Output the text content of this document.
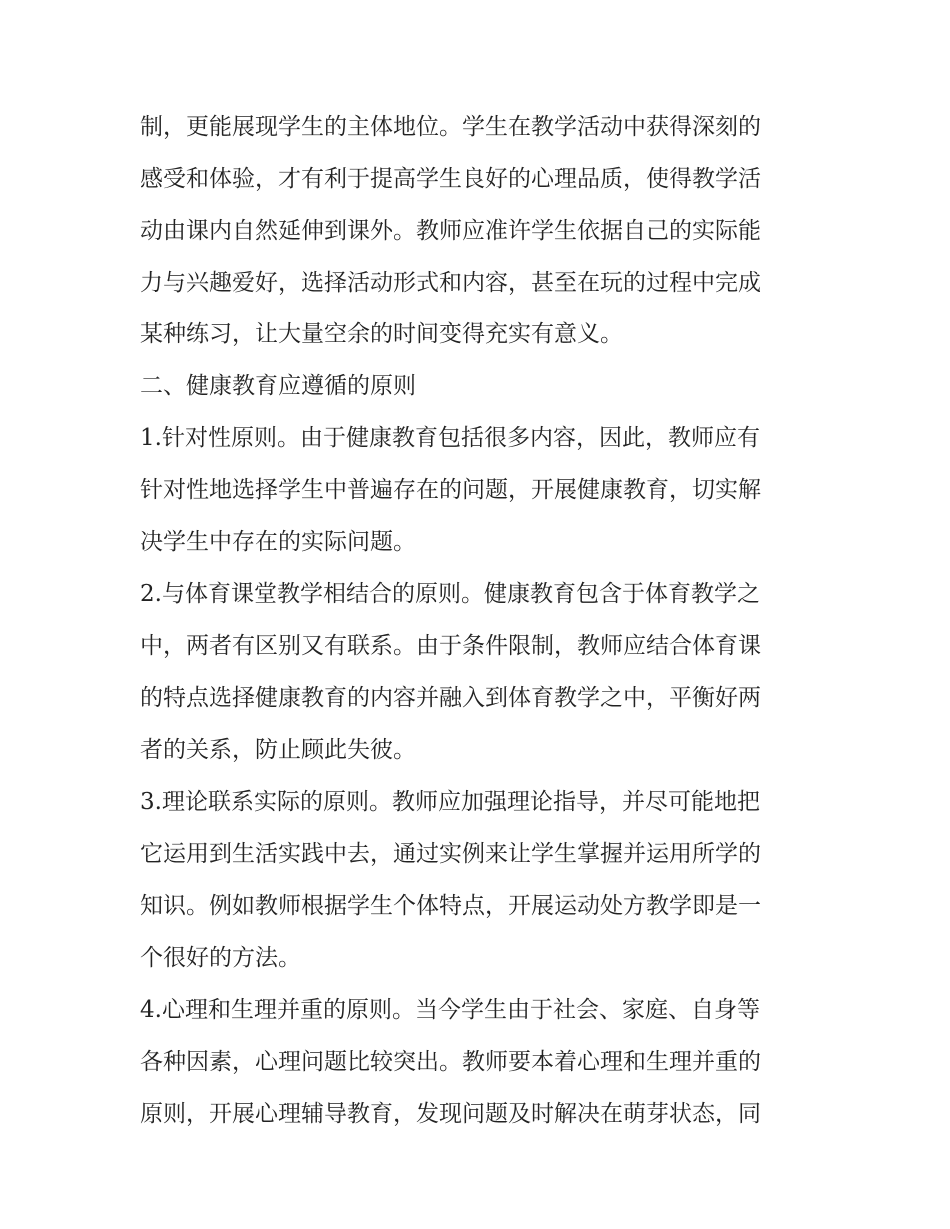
制，更能展现学生的主体地位。学生在教学活动中获得深刻的
感受和体验，才有利于提高学生良好的心理品质，使得教学活
动由课内自然延伸到课外。教师应准许学生依据自己的实际能
力与兴趣爱好，选择活动形式和内容，甚至在玩的过程中完成
某种练习，让大量空余的时间变得充实有意义。
二、健康教育应遵循的原则
1.针对性原则。由于健康教育包括很多内容，因此，教师应有
针对性地选择学生中普遍存在的问题，开展健康教育，切实解
决学生中存在的实际问题。
2.与体育课堂教学相结合的原则。健康教育包含于体育教学之
中，两者有区别又有联系。由于条件限制，教师应结合体育课
的特点选择健康教育的内容并融入到体育教学之中，平衡好两
者的关系，防止顾此失彼。
3.理论联系实际的原则。教师应加强理论指导，并尽可能地把
它运用到生活实践中去，通过实例来让学生掌握并运用所学的
知识。例如教师根据学生个体特点，开展运动处方教学即是一
个很好的方法。
4.心理和生理并重的原则。当今学生由于社会、家庭、自身等
各种因素，心理问题比较突出。教师要本着心理和生理并重的
原则，开展心理辅导教育，发现问题及时解决在萌芽状态，同
